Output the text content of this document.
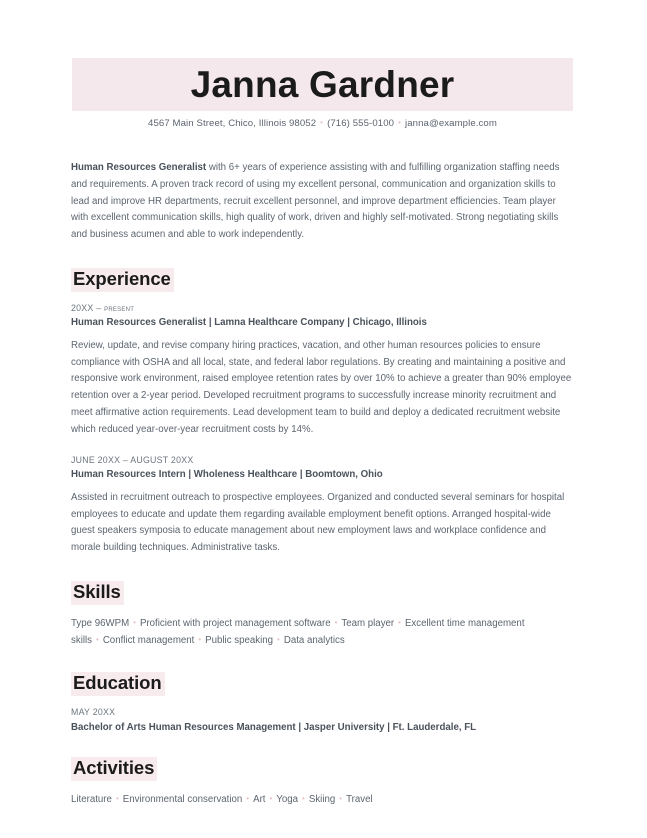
Janna Gardner
4567 Main Street, Chico, Illinois 98052 • (716) 555-0100 • janna@example.com

Human Resources Generalist with 6+ years of experience assisting with and fulfilling organization staffing needs and requirements. A proven track record of using my excellent personal, communication and organization skills to lead and improve HR departments, recruit excellent personnel, and improve department efficiencies. Team player with excellent communication skills, high quality of work, driven and highly self-motivated. Strong negotiating skills and business acumen and able to work independently.

Experience
20XX – present
Human Resources Generalist | Lamna Healthcare Company | Chicago, Illinois

Review, update, and revise company hiring practices, vacation, and other human resources policies to ensure compliance with OSHA and all local, state, and federal labor regulations. By creating and maintaining a positive and responsive work environment, raised employee retention rates by over 10% to achieve a greater than 90% employee retention over a 2-year period. Developed recruitment programs to successfully increase minority recruitment and meet affirmative action requirements. Lead development team to build and deploy a dedicated recruitment website which reduced year-over-year recruitment costs by 14%.

JUNE 20XX – AUGUST 20XX
Human Resources Intern | Wholeness Healthcare | Boomtown, Ohio

Assisted in recruitment outreach to prospective employees. Organized and conducted several seminars for hospital employees to educate and update them regarding available employment benefit options. Arranged hospital-wide guest speakers symposia to educate management about new employment laws and workplace confidence and morale building techniques. Administrative tasks.

Skills

Type 96WPM • Proficient with project management software • Team player • Excellent time management skills • Conflict management • Public speaking • Data analytics

Education
MAY 20XX
Bachelor of Arts Human Resources Management | Jasper University | Ft. Lauderdale, FL
Activities

Literature • Environmental conservation • Art • Yoga • Skiing • Travel
